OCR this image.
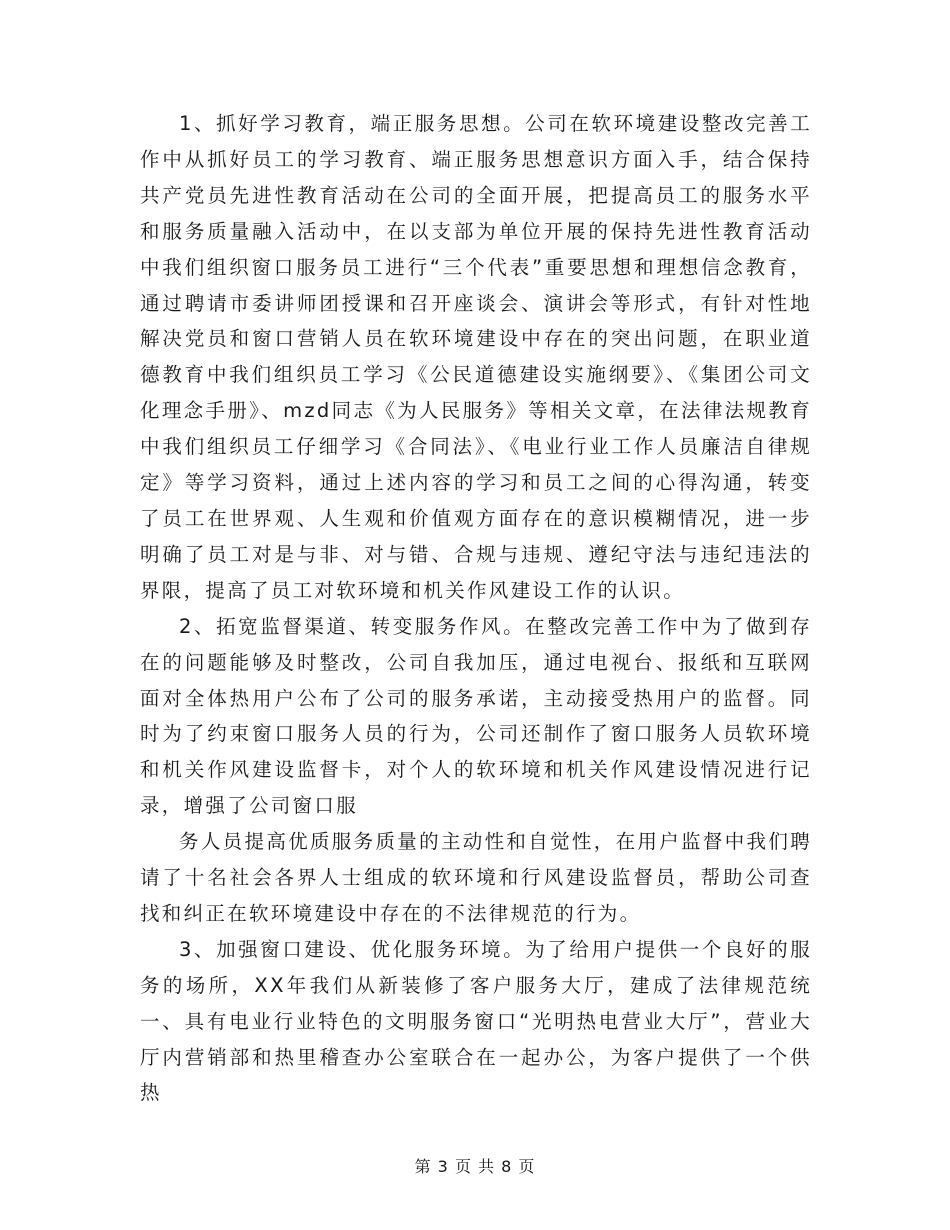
1、抓好学习教育，端正服务思想。公司在软环境建设整改完善工作中从抓好员工的学习教育、端正服务思想意识方面入手，结合保持共产党员先进性教育活动在公司的全面开展，把提高员工的服务水平和服务质量融入活动中，在以支部为单位开展的保持先进性教育活动中我们组织窗口服务员工进行“三个代表”重要思想和理想信念教育，通过聘请市委讲师团授课和召开座谈会、演讲会等形式，有针对性地解决党员和窗口营销人员在软环境建设中存在的突出问题，在职业道德教育中我们组织员工学习《公民道德建设实施纲要》、《集团公司文化理念手册》、mzd同志《为人民服务》等相关文章，在法律法规教育中我们组织员工仔细学习《合同法》、《电业行业工作人员廉洁自律规定》等学习资料，通过上述内容的学习和员工之间的心得沟通，转变了员工在世界观、人生观和价值观方面存在的意识模糊情况，进一步明确了员工对是与非、对与错、合规与违规、遵纪守法与违纪违法的界限，提高了员工对软环境和机关作风建设工作的认识。

2、拓宽监督渠道、转变服务作风。在整改完善工作中为了做到存在的问题能够及时整改，公司自我加压，通过电视台、报纸和互联网面对全体热用户公布了公司的服务承诺，主动接受热用户的监督。同时为了约束窗口服务人员的行为，公司还制作了窗口服务人员软环境和机关作风建设监督卡，对个人的软环境和机关作风建设情况进行记录，增强了公司窗口服

务人员提高优质服务质量的主动性和自觉性，在用户监督中我们聘请了十名社会各界人士组成的软环境和行风建设监督员，帮助公司查找和纠正在软环境建设中存在的不法律规范的行为。

3、加强窗口建设、优化服务环境。为了给用户提供一个良好的服务的场所，XX年我们从新装修了客户服务大厅，建成了法律规范统一、具有电业行业特色的文明服务窗口“光明热电营业大厅”，营业大厅内营销部和热里稽查办公室联合在一起办公，为客户提供了一个供热

第 3 页 共 8 页
